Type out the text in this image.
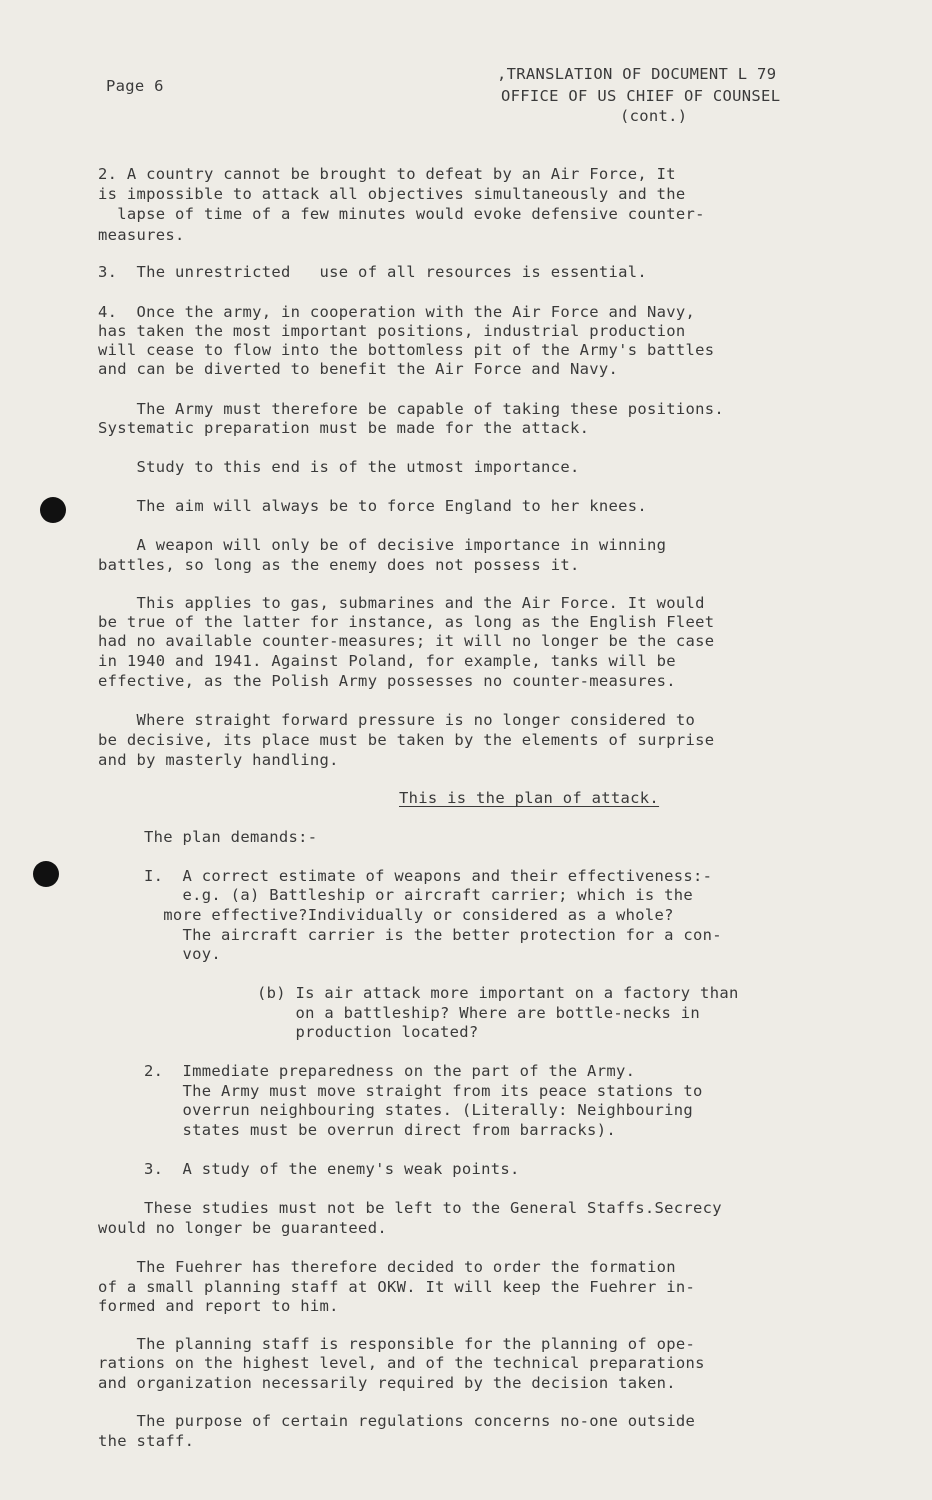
Page 6

,TRANSLATION OF DOCUMENT L 79

OFFICE OF US CHIEF OF COUNSEL

(cont.)

2. A country cannot be brought to defeat by an Air Force, It

is impossible to attack all objectives simultaneously and the

lapse of time of a few minutes would evoke defensive counter-

measures.

3.  The unrestricted   use of all resources is essential.

4.  Once the army, in cooperation with the Air Force and Navy,

has taken the most important positions, industrial production

will cease to flow into the bottomless pit of the Army's battles

and can be diverted to benefit the Air Force and Navy.

The Army must therefore be capable of taking these positions.

Systematic preparation must be made for the attack.

Study to this end is of the utmost importance.

The aim will always be to force England to her knees.

A weapon will only be of decisive importance in winning

battles, so long as the enemy does not possess it.

This applies to gas, submarines and the Air Force. It would

be true of the latter for instance, as long as the English Fleet

had no available counter-measures; it will no longer be the case

in 1940 and 1941. Against Poland, for example, tanks will be

effective, as the Polish Army possesses no counter-measures.

Where straight forward pressure is no longer considered to

be decisive, its place must be taken by the elements of surprise

and by masterly handling.

This is the plan of attack.

The plan demands:-

I.  A correct estimate of weapons and their effectiveness:-

e.g. (a) Battleship or aircraft carrier; which is the

more effective?Individually or considered as a whole?

The aircraft carrier is the better protection for a con-

voy.

(b) Is air attack more important on a factory than

on a battleship? Where are bottle-necks in

production located?

2.  Immediate preparedness on the part of the Army.

The Army must move straight from its peace stations to

overrun neighbouring states. (Literally: Neighbouring

states must be overrun direct from barracks).

3.  A study of the enemy's weak points.

These studies must not be left to the General Staffs.Secrecy

would no longer be guaranteed.

The Fuehrer has therefore decided to order the formation

of a small planning staff at OKW. It will keep the Fuehrer in-

formed and report to him.

The planning staff is responsible for the planning of ope-

rations on the highest level, and of the technical preparations

and organization necessarily required by the decision taken.

The purpose of certain regulations concerns no-one outside

the staff.
